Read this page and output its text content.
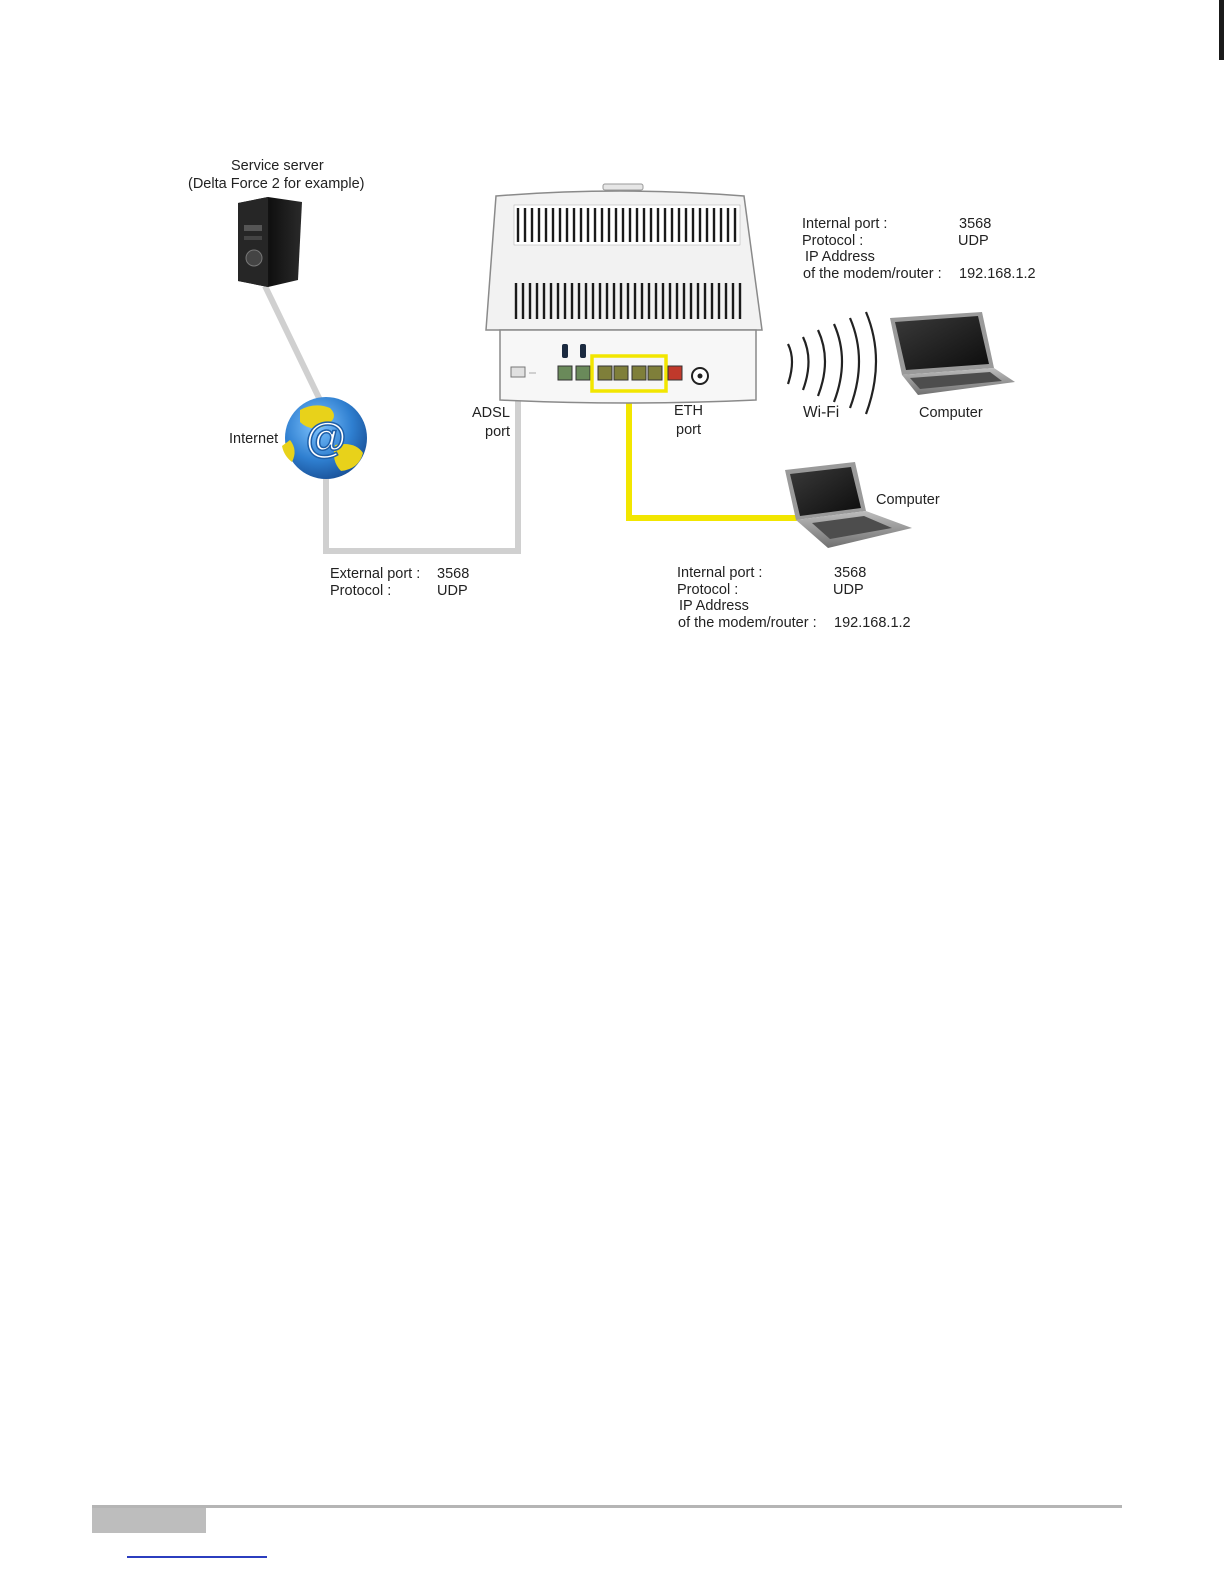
@
Service server
(Delta Force 2 for example)
Internet
ADSL
port
ETH
port
Wi-Fi	Computer
Computer
Internal port :	3568
Protocol :	UDP
IP Address
of the modem/router : 192.168.1.2
External port : 3568
Protocol :	UDP
Internal port :	3568
Protocol :	UDP
IP Address
of the modem/router : 192.168.1.2
